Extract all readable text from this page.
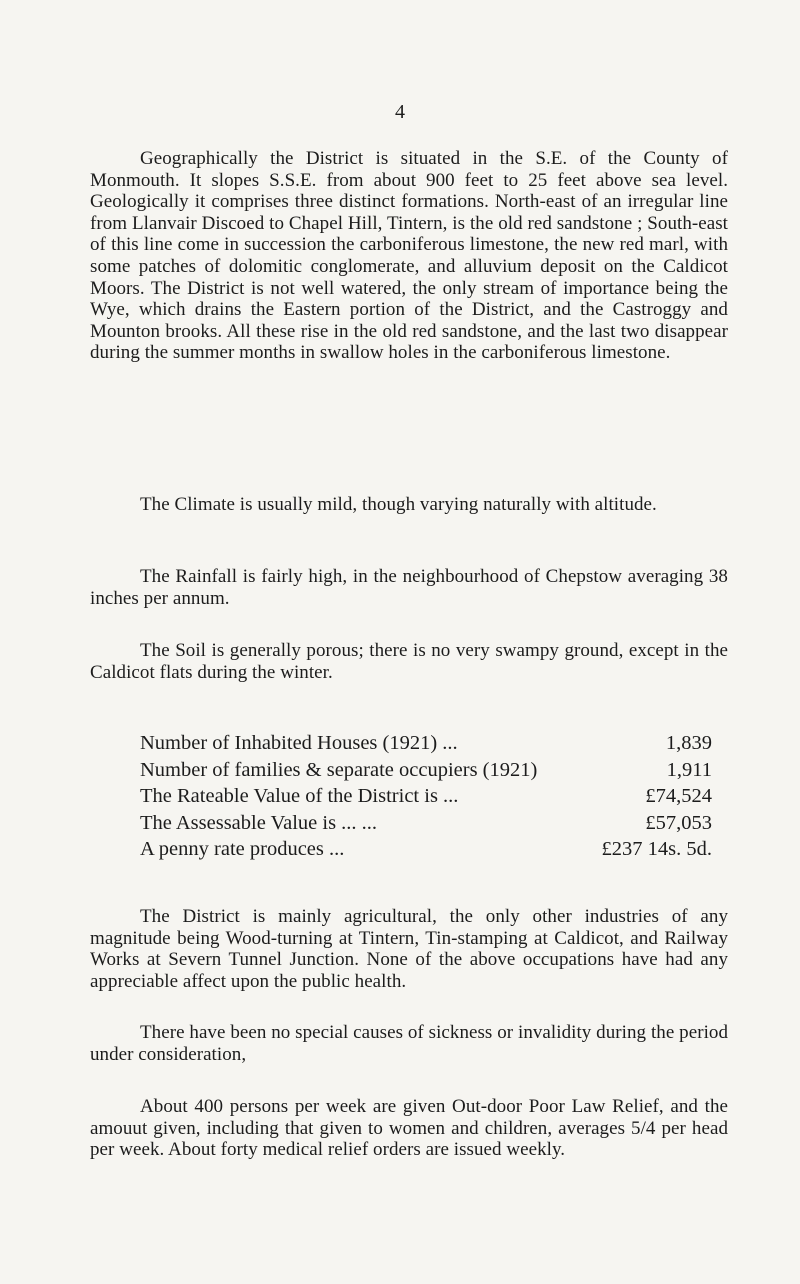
4

Geographically the District is situated in the S.E. of the County of Monmouth. It slopes S.S.E. from about 900 feet to 25 feet above sea level. Geologically it comprises three distinct formations. North-east of an irregular line from Llanvair Discoed to Chapel Hill, Tintern, is the old red sandstone ; South-east of this line come in succession the carboniferous limestone, the new red marl, with some patches of dolomitic conglomerate, and alluvium deposit on the Caldicot Moors. The District is not well watered, the only stream of importance being the Wye, which drains the Eastern portion of the District, and the Castroggy and Mounton brooks. All these rise in the old red sandstone, and the last two disappear during the summer months in swallow holes in the carboniferous limestone.

The Climate is usually mild, though varying naturally with altitude.

The Rainfall is fairly high, in the neighbourhood of Chepstow averaging 38 inches per annum.

The Soil is generally porous; there is no very swampy ground, except in the Caldicot flats during the winter.

Number of Inhabited Houses (1921) ...	1,839
Number of families & separate occupiers (1921)	1,911
The Rateable Value of the District is ...	£74,524
The Assessable Value is ... ...	£57,053
A penny rate produces ...	£237 14s. 5d.

The District is mainly agricultural, the only other industries of any magnitude being Wood-turning at Tintern, Tin-stamping at Caldicot, and Railway Works at Severn Tunnel Junction. None of the above occupations have had any appreciable affect upon the public health.

There have been no special causes of sickness or invalidity during the period under consideration,

About 400 persons per week are given Out-door Poor Law Relief, and the amouut given, including that given to women and children, averages 5/4 per head per week. About forty medical relief orders are issued weekly.
